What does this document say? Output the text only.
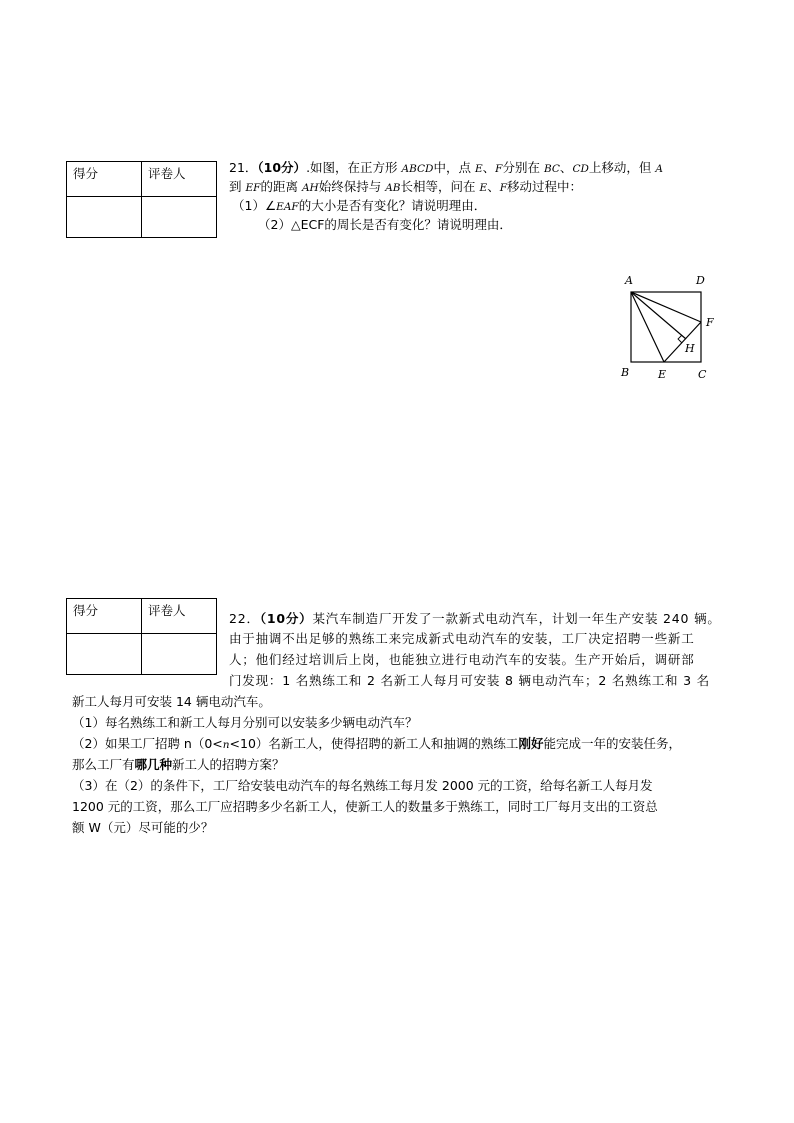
得分	评卷人
		21．（10分）.如图，在正方形 ABCD中，点 E、F分别在 BC、CD上移动，但 A
到 EF的距离 AH始终保持与 AB长相等，问在 E、F移动过程中：
（1）∠EAF的大小是否有变化？请说明理由．
（2）△ECF的周长是否有变化？请说明理由．
A	D
F
H
B	E	C
得分	评卷人

22．（10分）某汽车制造厂开发了一款新式电动汽车，计划一年生产安装 240 辆。
由于抽调不出足够的熟练工来完成新式电动汽车的安装，工厂决定招聘一些新工
人；他们经过培训后上岗，也能独立进行电动汽车的安装。生产开始后，调研部
门发现：1 名熟练工和 2 名新工人每月可安装 8 辆电动汽车；2 名熟练工和 3 名
新工人每月可安装 14 辆电动汽车。
（1）每名熟练工和新工人每月分别可以安装多少辆电动汽车？
（2）如果工厂招聘 n（0<n<10）名新工人，使得招聘的新工人和抽调的熟练工刚好能完成一年的安装任务，
那么工厂有哪几种新工人的招聘方案？
（3）在（2）的条件下，工厂给安装电动汽车的每名熟练工每月发 2000 元的工资，给每名新工人每月发
1200 元的工资，那么工厂应招聘多少名新工人，使新工人的数量多于熟练工，同时工厂每月支出的工资总
额 W（元）尽可能的少？
